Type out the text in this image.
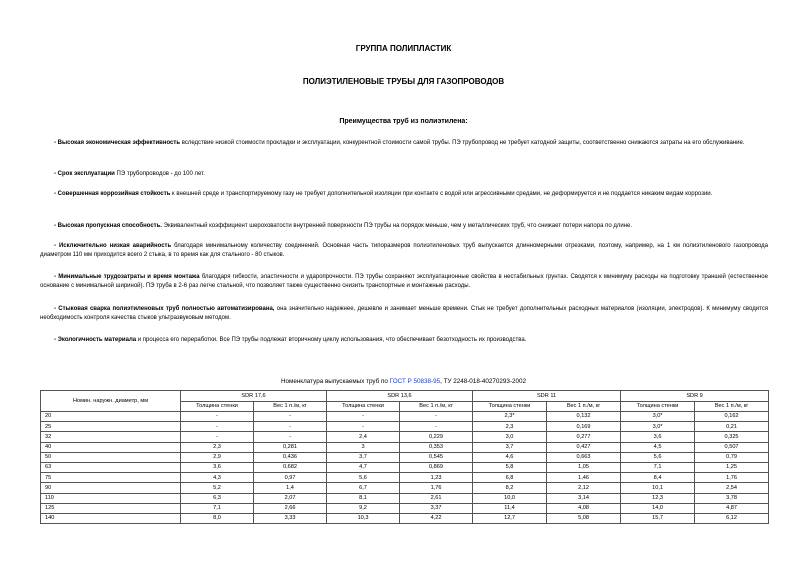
ГРУППА ПОЛИПЛАСТИК
ПОЛИЭТИЛЕНОВЫЕ ТРУБЫ ДЛЯ ГАЗОПРОВОДОВ
Преимущества труб из полиэтилена:

- Высокая экономическая эффективность вследствие низкой стоимости прокладки и эксплуатации, конкурентной стоимости самой трубы. ПЭ трубопровод не требует катодной защиты, соответственно снижаются затраты на его обслуживание.

- Срок эксплуатации ПЭ трубопроводов - до 100 лет.

- Совершенная коррозийная стойкость к внешней среде и транспортируемому газу не требует дополнительной изоляции при контакте с водой или агрессивными средами, не деформируется и не поддается никаким видам коррозии.

- Высокая пропускная способность. Эквивалентный коэффициент шероховатости внутренней поверхности ПЭ трубы на порядок меньше, чем у металлических труб, что снижает потери напора по длине.

- Исключительно низкая аварийность благодаря минимальному количеству соединений. Основная часть типоразмеров полиэтиленовых труб выпускается длинномерными отрезками, поэтому, например, на 1 км полиэтиленового газопровода диаметром 110 мм приходится всего 2 стыка, в то время как для стального - 80 стыков.

- Минимальные трудозатраты и время монтажа благодаря гибкости, эластичности и ударопрочности. ПЭ трубы сохраняют эксплуатационные свойства в нестабильных грунтах. Сводятся к минимуму расходы на подготовку траншей (естественное основание с минимальной шириной). ПЭ труба в 2-6 раз легче стальной, что позволяет также существенно снизить транспортные и монтажные расходы.

- Стыковая сварка полиэтиленовых труб полностью автоматизирована, она значительно надежнее, дешевле и занимает меньше времени. Стык не требует дополнительных расходных материалов (изоляции, электродов). К минимуму сводится необходимость контроля качества стыков ультразвуковым методом.

- Экологичность материала и процесса его переработки. Все ПЭ трубы подлежат вторичному циклу использования, что обеспечивает безотходность их производства.

Номенклатура выпускаемых труб по ГОСТ Р 50838-95, ТУ 2248-018-40270293-2002
Номин. наружн. диаметр, мм	SDR 17,6		SDR 13,6		SDR 11		SDR 9	
	Толщина стенки	Вес 1 п./м, кг	Толщина стенки	Вес 1 п./м, кг	Толщина стенки	Вес 1 п./м, кг	Толщина стенки	Вес 1 п./м, кг
20	-	-	-	-	2,3*	0,132	3,0*	0,162
25	-	-	-	-	2,3	0,169	3,0*	0,21
32	-	-	2,4	0,229	3,0	0,277	3,6	0,325
40	2,3	0,281	3	0,353	3,7	0,427	4,5	0,507
50	2,9	0,436	3,7	0,545	4,6	0,663	5,6	0,79
63	3,6	0,682	4,7	0,869	5,8	1,05	7,1	1,25
75	4,3	0,97	5,6	1,23	6,8	1,46	8,4	1,76
90	5,2	1,4	6,7	1,76	8,2	2,12	10,1	2,54
110	6,3	2,07	8,1	2,61	10,0	3,14	12,3	3,78
125	7,1	2,66	9,2	3,37	11,4	4,08	14,0	4,87
140	8,0	3,33	10,3	4,22	12,7	5,08	15,7	6,12
